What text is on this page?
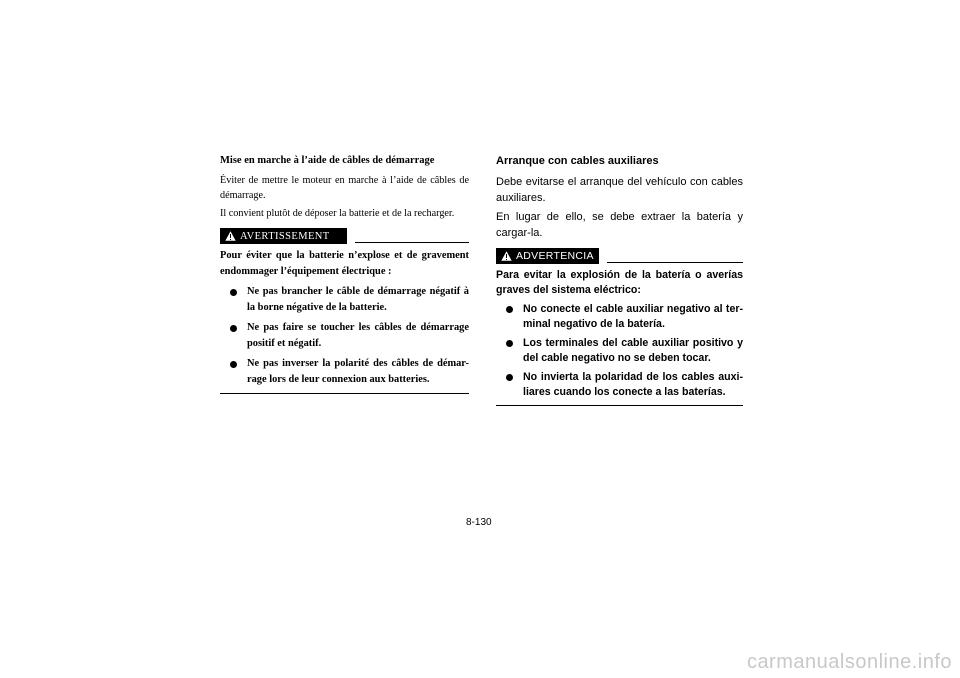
Mise en marche à l’aide de câbles de démarrage

Éviter de mettre le moteur en marche à l’aide de câbles de démarrage.

Il convient plutôt de déposer la batterie et de la recharger.

AVERTISSEMENT

Pour éviter que la batterie n’explose et de gravement endommager l’équipement électrique :

Ne pas brancher le câble de démarrage négatif à la borne négative de la batterie.
Ne pas faire se toucher les câbles de démarrage positif et négatif.
Ne pas inverser la polarité des câbles de démar-rage lors de leur connexion aux batteries.
Arranque con cables auxiliares

Debe evitarse el arranque del vehículo con cables auxiliares.

En lugar de ello, se debe extraer la batería y cargar-la.

ADVERTENCIA

Para evitar la explosión de la batería o averías graves del sistema eléctrico:

No conecte el cable auxiliar negativo al ter-minal negativo de la batería.
Los terminales del cable auxiliar positivo y del cable negativo no se deben tocar.
No invierta la polaridad de los cables auxi-liares cuando los conecte a las baterías.
8-130
carmanualsonline.info
